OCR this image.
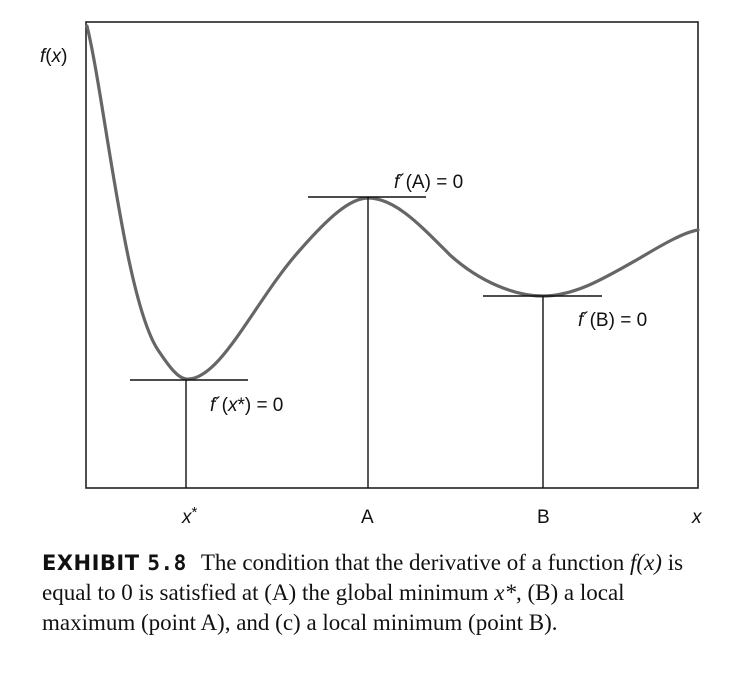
f(x)
f´(A) = 0
f´(B) = 0
f´(x*) = 0
x*	A	B	x
EXHIBIT 5.8 The condition that the derivative of a function f(x) is equal to 0 is satisfied at (A) the global minimum x*, (B) a local maximum (point A), and (c) a local minimum (point B).
